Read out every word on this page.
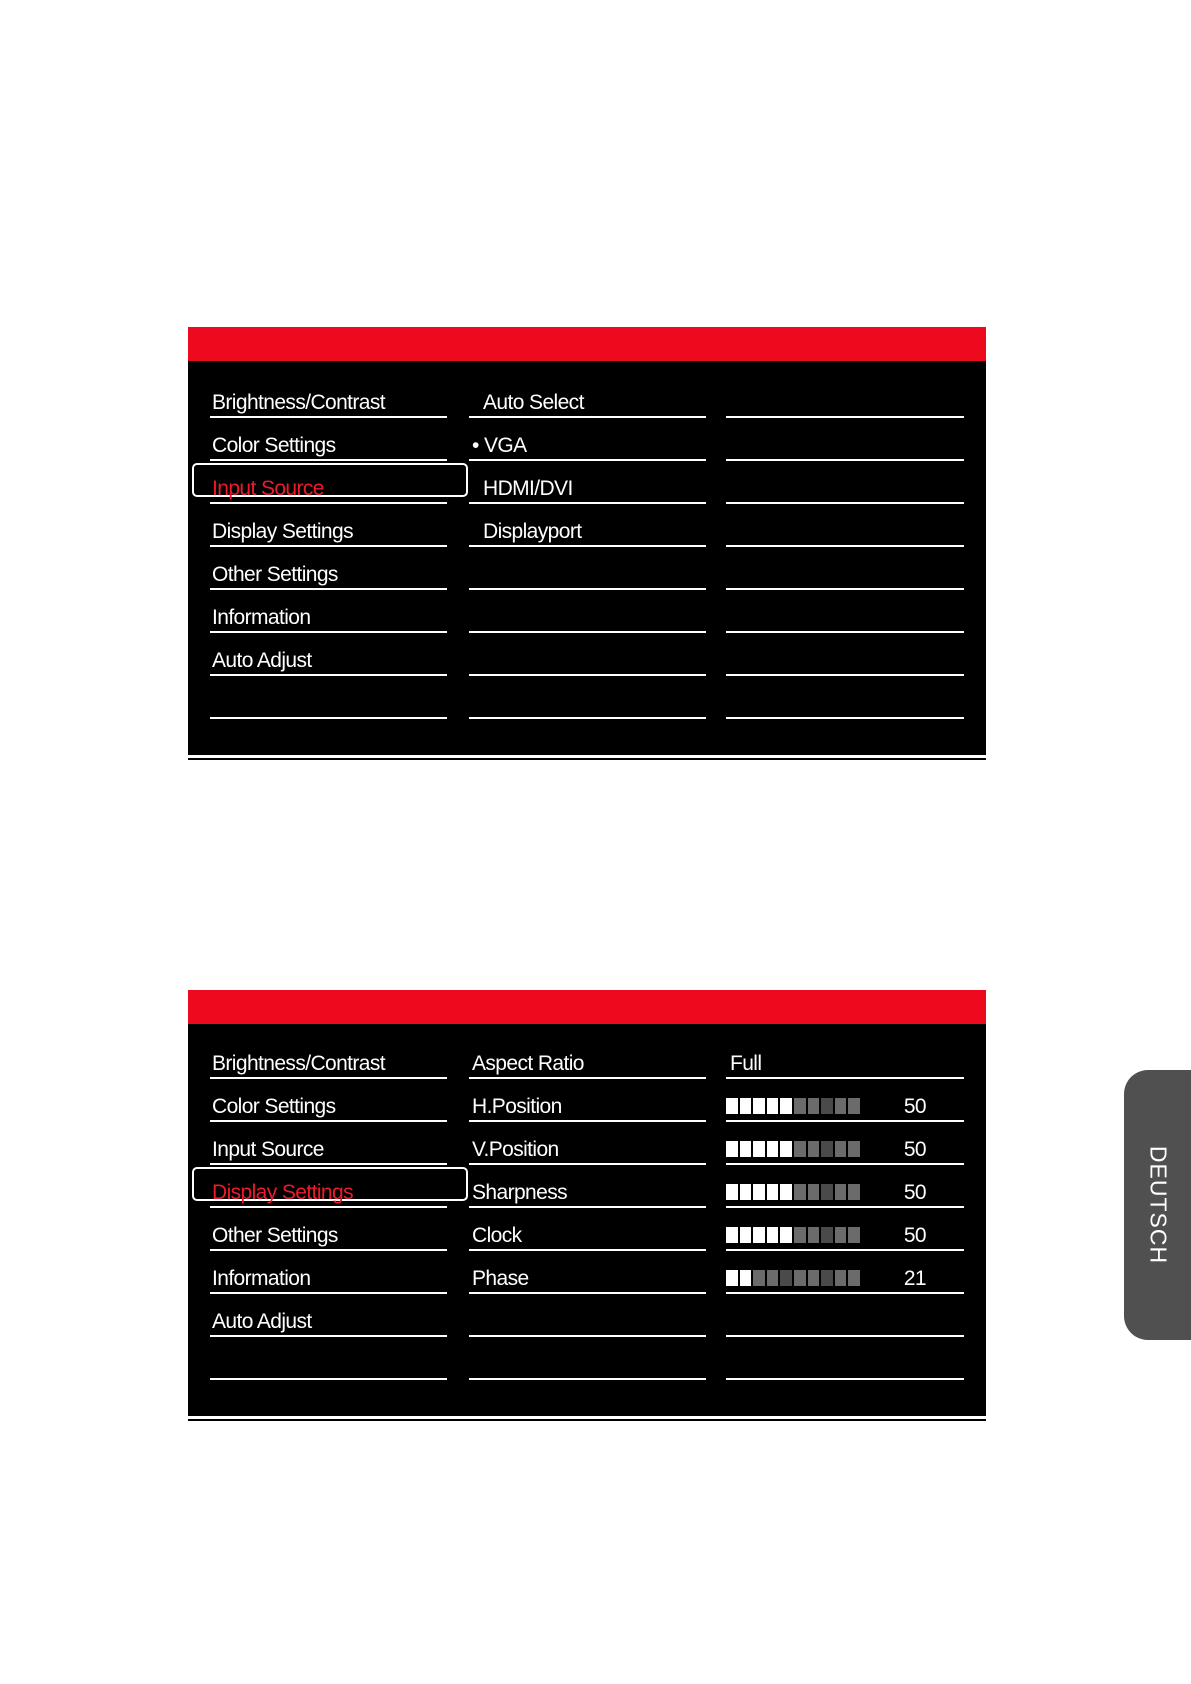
Brightness/Contrast	Auto Select
Color Settings	• VGA
Input Source	HDMI/DVI
Display Settings	Displayport
Other Settings
Information
Auto Adjust
Brightness/Contrast	Aspect Ratio	Full
Color Settings	H.Position	50
Input Source	V.Position	50
Display Settings	Sharpness	50
Other Settings	Clock	50
Information	Phase	21
Auto Adjust
DEUTSCH
